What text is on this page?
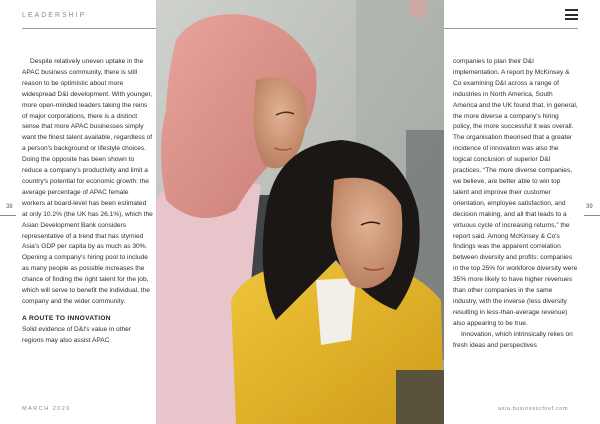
LEADERSHIP

Despite relatively uneven uptake in the APAC business community, there is still reason to be optimistic about more widespread D&I development. With younger, more open-minded leaders taking the reins of major corporations, there is a distinct sense that more APAC businesses simply want the finest talent available, regardless of a person's background or lifestyle choices. Doing the opposite has been shown to reduce a company's productivity and limit a country's potential for economic growth: the average percentage of APAC female workers at board-level has been estimated at only 10.2% (the UK has 26.1%), which the Asian Development Bank considers representative of a trend that has stymied Asia's GDP per capita by as much as 30%. Opening a company's hiring pool to include as many people as possible increases the chance of finding the right talent for the job, which will serve to benefit the individual, the company and the wider community.

A ROUTE TO INNOVATION

Solid evidence of D&I's value in other regions may also assist APAC

companies to plan their D&I implementation. A report by McKinsey & Co examining D&I across a range of industries in North America, South America and the UK found that, in general, the more diverse a company's hiring policy, the more successful it was overall. The organisation theorised that a greater incidence of innovation was also the logical conclusion of superior D&I practices. “The more diverse companies, we believe, are better able to win top talent and improve their customer orientation, employee satisfaction, and decision making, and all that leads to a virtuous cycle of increasing returns,” the report said. Among McKinsey & Co's findings was the apparent correlation between diversity and profits: companies in the top 25% for workforce diversity were 35% more likely to have higher revenues than other companies in the same industry, with the inverse (less diversity resulting in less-than-average revenue) also appearing to be true.

Innovation, which intrinsically relies on fresh ideas and perspectives

38	39
MARCH 2020	asia.businesschief.com
